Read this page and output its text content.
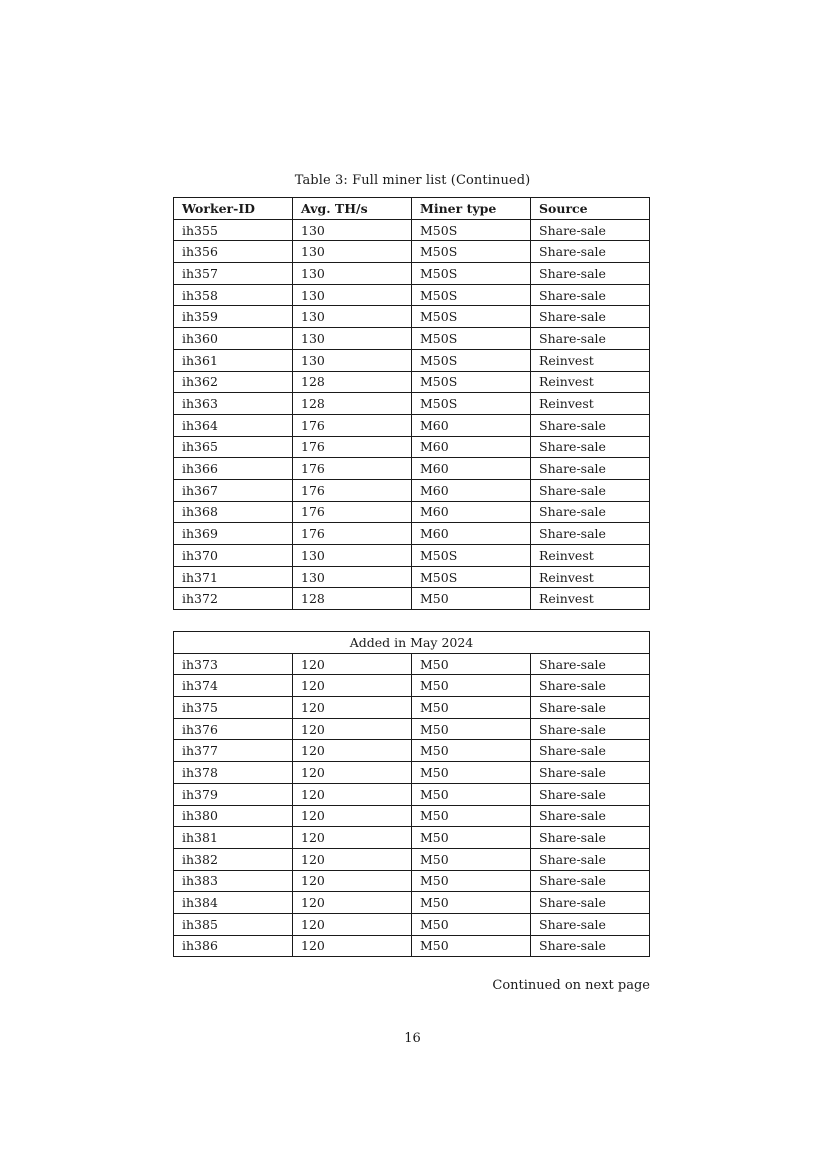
Table 3: Full miner list (Continued)
Worker-ID	Avg. TH/s	Miner type	Source
ih355	130	M50S	Share-sale
ih356	130	M50S	Share-sale
ih357	130	M50S	Share-sale
ih358	130	M50S	Share-sale
ih359	130	M50S	Share-sale
ih360	130	M50S	Share-sale
ih361	130	M50S	Reinvest
ih362	128	M50S	Reinvest
ih363	128	M50S	Reinvest
ih364	176	M60	Share-sale
ih365	176	M60	Share-sale
ih366	176	M60	Share-sale
ih367	176	M60	Share-sale
ih368	176	M60	Share-sale
ih369	176	M60	Share-sale
ih370	130	M50S	Reinvest
ih371	130	M50S	Reinvest
ih372	128	M50	Reinvest
Added in May 2024			
ih373	120	M50	Share-sale
ih374	120	M50	Share-sale
ih375	120	M50	Share-sale
ih376	120	M50	Share-sale
ih377	120	M50	Share-sale
ih378	120	M50	Share-sale
ih379	120	M50	Share-sale
ih380	120	M50	Share-sale
ih381	120	M50	Share-sale
ih382	120	M50	Share-sale
ih383	120	M50	Share-sale
ih384	120	M50	Share-sale
ih385	120	M50	Share-sale
ih386	120	M50	Share-sale
Continued on next page
16
